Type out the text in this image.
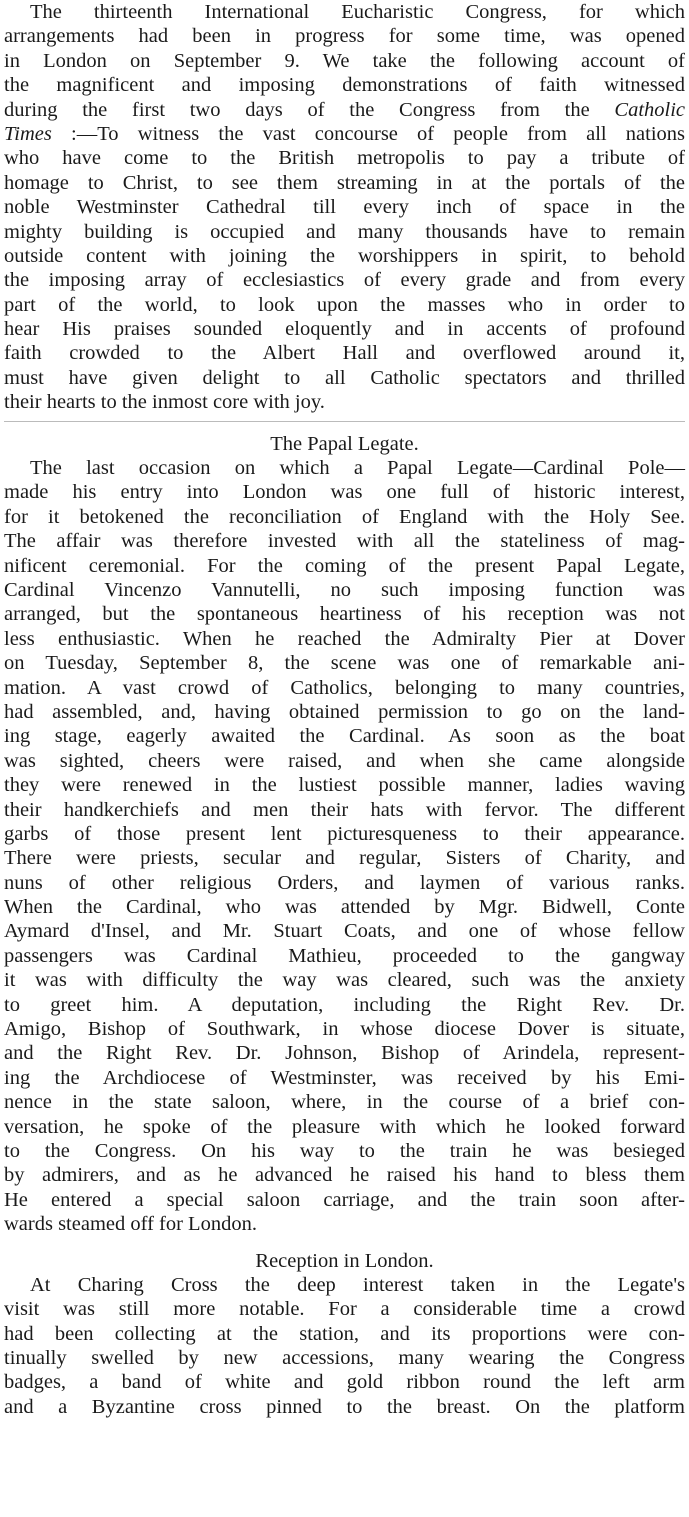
The thirteenth International Eucharistic Congress, for which
arrangements had been in progress for some time, was opened
in London on September 9. We take the following account of
the magnificent and imposing demonstrations of faith witnessed
during the first two days of the Congress from the Catholic
Times :—To witness the vast concourse of people from all nations
who have come to the British metropolis to pay a tribute of
homage to Christ, to see them streaming in at the portals of the
noble Westminster Cathedral till every inch of space in the
mighty building is occupied and many thousands have to remain
outside content with joining the worshippers in spirit, to behold
the imposing array of ecclesiastics of every grade and from every
part of the world, to look upon the masses who in order to
hear His praises sounded eloquently and in accents of profound
faith crowded to the Albert Hall and overflowed around it,
must have given delight to all Catholic spectators and thrilled
their hearts to the inmost core with joy.
The Papal Legate.
The last occasion on which a Papal Legate—Cardinal Pole—
made his entry into London was one full of historic interest,
for it betokened the reconciliation of England with the Holy See.
The affair was therefore invested with all the stateliness of mag-
nificent ceremonial. For the coming of the present Papal Legate,
Cardinal Vincenzo Vannutelli, no such imposing function was
arranged, but the spontaneous heartiness of his reception was not
less enthusiastic. When he reached the Admiralty Pier at Dover
on Tuesday, September 8, the scene was one of remarkable ani-
mation. A vast crowd of Catholics, belonging to many countries,
had assembled, and, having obtained permission to go on the land-
ing stage, eagerly awaited the Cardinal. As soon as the boat
was sighted, cheers were raised, and when she came alongside
they were renewed in the lustiest possible manner, ladies waving
their handkerchiefs and men their hats with fervor. The different
garbs of those present lent picturesqueness to their appearance.
There were priests, secular and regular, Sisters of Charity, and
nuns of other religious Orders, and laymen of various ranks.
When the Cardinal, who was attended by Mgr. Bidwell, Conte
Aymard d'Insel, and Mr. Stuart Coats, and one of whose fellow
passengers was Cardinal Mathieu, proceeded to the gangway
it was with difficulty the way was cleared, such was the anxiety
to greet him. A deputation, including the Right Rev. Dr.
Amigo, Bishop of Southwark, in whose diocese Dover is situate,
and the Right Rev. Dr. Johnson, Bishop of Arindela, represent-
ing the Archdiocese of Westminster, was received by his Emi-
nence in the state saloon, where, in the course of a brief con-
versation, he spoke of the pleasure with which he looked forward
to the Congress. On his way to the train he was besieged
by admirers, and as he advanced he raised his hand to bless them
He entered a special saloon carriage, and the train soon after-
wards steamed off for London.
Reception in London.
At Charing Cross the deep interest taken in the Legate's
visit was still more notable. For a considerable time a crowd
had been collecting at the station, and its proportions were con-
tinually swelled by new accessions, many wearing the Congress
badges, a band of white and gold ribbon round the left arm
and a Byzantine cross pinned to the breast. On the platform
